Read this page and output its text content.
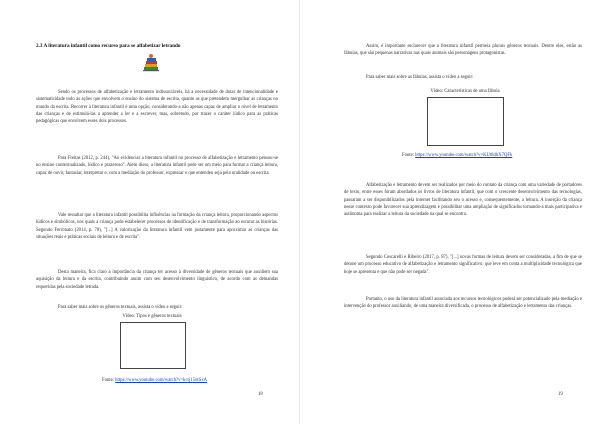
2.3 A literatura infantil como recurso para se alfabetizar letrando
Sendo os processos de alfabetização e letramento indissociáveis, há a necessidade de dotar de intencionalidade e sistematicidade todo as ações que envolvem o ensino do sistema de escrita, quanto as que pretendem mergulhar as crianças no mundo da escrita. Recorrer à literatura infantil é uma opção, considerando-a não apenas capaz de ampliar o nível de letramento das crianças e de estimulá-las a aprender a ler e a escrever, mas, sobretudo, por trazer o caráter lúdico para as práticas pedagógicas que envolvem esses dois processos.
Para Freitas (2012, p. 244), "Ao evidenciar a literatura infantil no processo de alfabetização e letramento pensou-se no ensino contextualizado, lúdico e prazeroso". Além disso, a literatura infantil pode ser um meio para formar a criança leitora, capaz de ouvir, fantasiar, interpretar e, com a mediação do professor, expressar o que entendeu seja pela oralidade ou escrita.
Vale ressaltar que a literatura infantil possibilita influências na formação da criança leitora, proporcionando aspectos lúdicos e simbólicos, nos quais a criança pode estabelecer processos de identificação e de transformação ao escutar as histórias. Segundo Ferronato (2014, p. 70), "[...] A valorização da literatura infantil vem justamente para aproximar as crianças das situações reais e práticas sociais de leitura e de escrita".
Desta maneira, fica claro a importância da criança ter acesso à diversidade de gêneros textuais que auxiliem sua aquisição da leitura e da escrita, contribuindo assim com seu desenvolvimento linguístico, de acordo com as demandas requeridas pela sociedade letrada.
Para saber mais sobre os gêneros textuais, assista o vídeo a seguir:
Vídeo: Tipos e gêneros textuais
Fonte: https://www.youtube.com/watch?v=kcrj15ntSxA
18
Assim, é importante esclarecer que a literatura infantil permeia plurais gêneros textuais. Dentre eles, estão as fábulas, que são pequenas narrativas nas quais animais são personagens protagonistas.
Para saber mais sobre as fábulas, assista o vídeo a seguir:
Vídeo: Características de uma fábula
Fonte: https://www.youtube.com/watch?v=KUt8dbX7QFk
Alfabetização e letramento devem ser realizados por meio do contato da criança com uma variedade de portadores de texto, entre esses foram abordados os livros de literatura infantil, que com o crescente desenvolvimento das tecnologias, passaram a ser disponibilizados pela internet facilitando seu o acesso e, consequentemente, a leitura. A inserção da criança nesse contexto pode favorecer sua aprendizagem e possibilitar uma ampliação de significados tornando-a mais participativa e autônoma para realizar a leitura da sociedade na qual se encontra.
Segundo Coscarelli e Ribeiro (2017, p. 87), "[...] novas formas de leitura devem ser consideradas, a fim de que se detone um processo educativo de alfabetização e letramento significativo, que leve em conta a multiplicidade tecnológica que hoje se apresenta e que não pode ser negada".
Portanto, o uso da literatura infantil associada aos recursos tecnológicos poderá ser potencializado pela mediação e intervenção do professor auxiliando, de uma maneira diversificada, o processo de alfabetização e letramento das crianças.
19
